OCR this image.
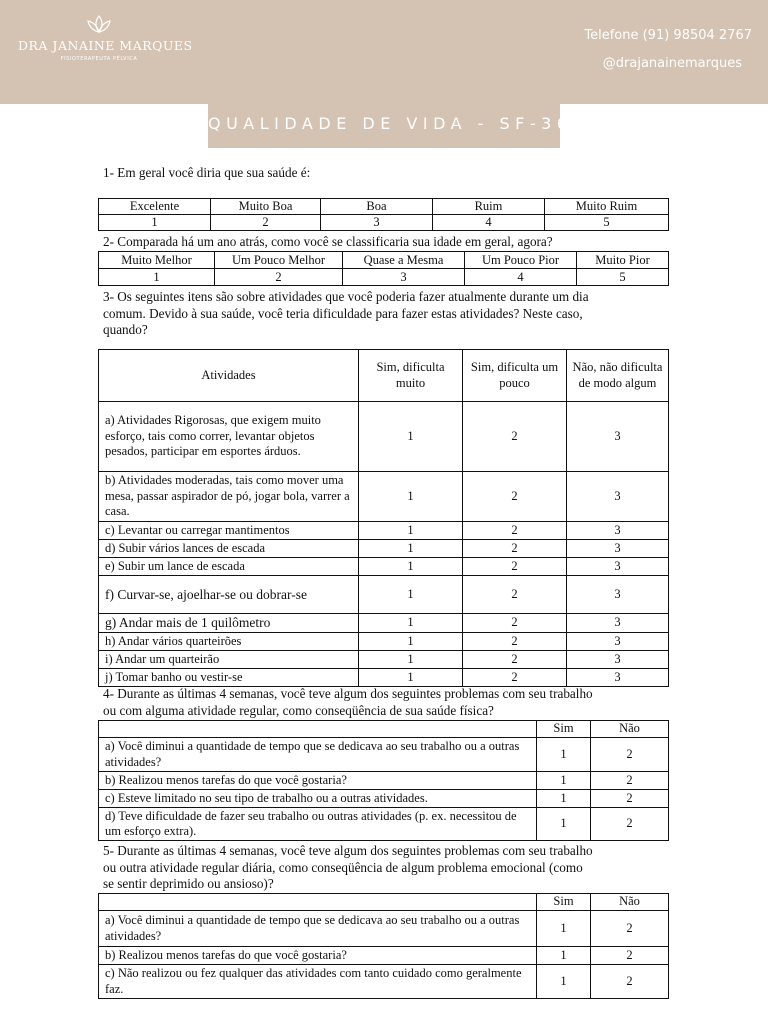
DRA JANAINE MARQUES
FISIOTERAPEUTA PÉLVICA
Telefone (91) 98504 2767
@drajanainemarques
QUALIDADE DE VIDA - SF-36
1- Em geral você diria que sua saúde é:
Excelente	Muito Boa	Boa	Ruim	Muito Ruim
1	2	3	4	5
2- Comparada há um ano atrás, como você se classificaria sua idade em geral, agora?
Muito Melhor	Um Pouco Melhor	Quase a Mesma	Um Pouco Pior	Muito Pior
1	2	3	4	5
3- Os seguintes itens são sobre atividades que você poderia fazer atualmente durante um dia
comum. Devido à sua saúde, você teria dificuldade para fazer estas atividades? Neste caso,
quando?
Atividades	Sim, dificulta muito	Sim, dificulta um pouco	Não, não dificulta de modo algum
a) Atividades Rigorosas, que exigem muito esforço, tais como correr, levantar objetos pesados, participar em esportes árduos.	1	2	3
b) Atividades moderadas, tais como mover uma mesa, passar aspirador de pó, jogar bola, varrer a casa.	1	2	3
c) Levantar ou carregar mantimentos	1	2	3
d) Subir vários lances de escada	1	2	3
e) Subir um lance de escada	1	2	3
f) Curvar-se, ajoelhar-se ou dobrar-se	1	2	3
g) Andar mais de 1 quilômetro	1	2	3
h) Andar vários quarteirões	1	2	3
i) Andar um quarteirão	1	2	3
j) Tomar banho ou vestir-se	1	2	3
4- Durante as últimas 4 semanas, você teve algum dos seguintes problemas com seu trabalho
ou com alguma atividade regular, como conseqüência de sua saúde física?
	Sim	Não
a) Você diminui a quantidade de tempo que se dedicava ao seu trabalho ou a outras atividades?	1	2
b) Realizou menos tarefas do que você gostaria?	1	2
c) Esteve limitado no seu tipo de trabalho ou a outras atividades.	1	2
d) Teve dificuldade de fazer seu trabalho ou outras atividades (p. ex. necessitou de um esforço extra).	1	2
5- Durante as últimas 4 semanas, você teve algum dos seguintes problemas com seu trabalho
ou outra atividade regular diária, como conseqüência de algum problema emocional (como
se sentir deprimido ou ansioso)?
	Sim	Não
a) Você diminui a quantidade de tempo que se dedicava ao seu trabalho ou a outras atividades?	1	2
b) Realizou menos tarefas do que você gostaria?	1	2
c) Não realizou ou fez qualquer das atividades com tanto cuidado como geralmente faz.	1	2
